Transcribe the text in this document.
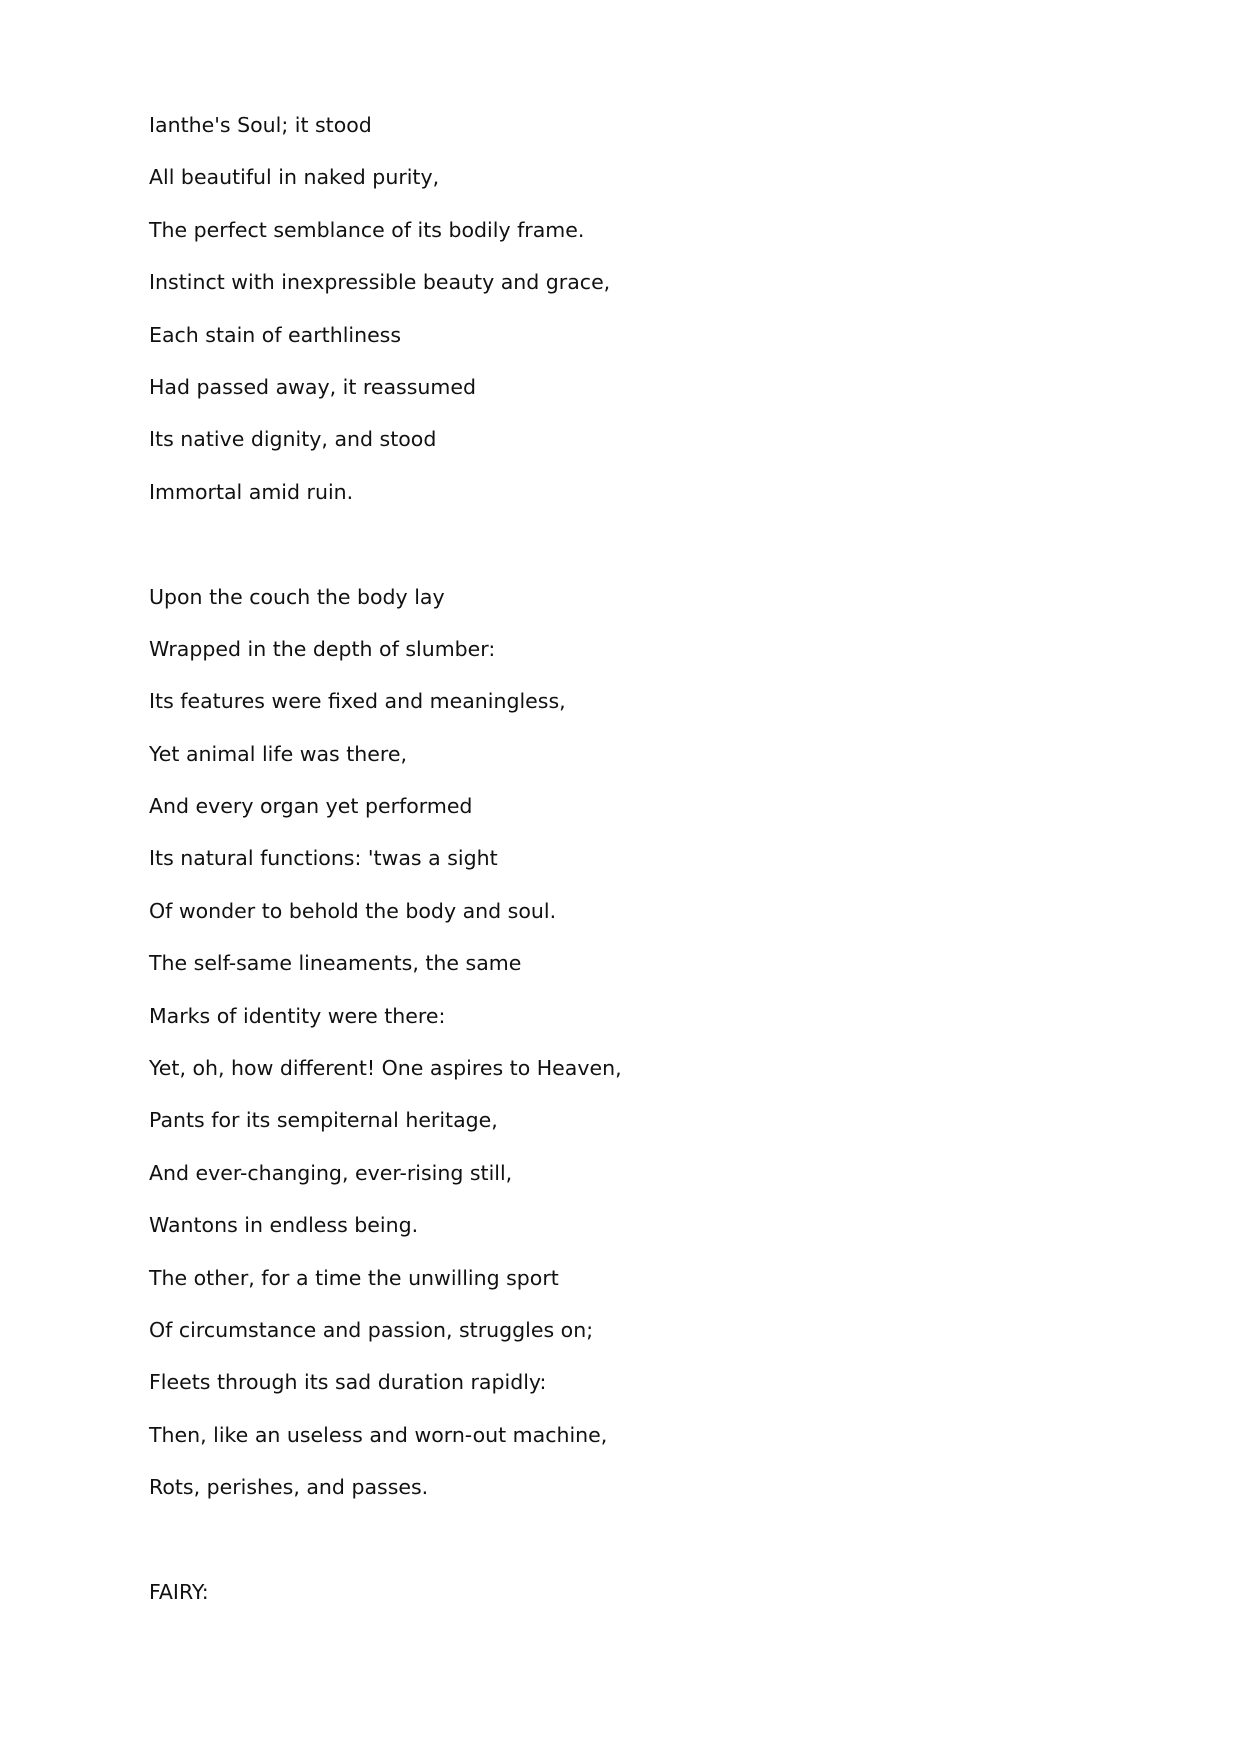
Ianthe's Soul; it stood
All beautiful in naked purity,
The perfect semblance of its bodily frame.
Instinct with inexpressible beauty and grace,
Each stain of earthliness
Had passed away, it reassumed
Its native dignity, and stood
Immortal amid ruin.
Upon the couch the body lay
Wrapped in the depth of slumber:
Its features were fixed and meaningless,
Yet animal life was there,
And every organ yet performed
Its natural functions: 'twas a sight
Of wonder to behold the body and soul.
The self-same lineaments, the same
Marks of identity were there:
Yet, oh, how different! One aspires to Heaven,
Pants for its sempiternal heritage,
And ever-changing, ever-rising still,
Wantons in endless being.
The other, for a time the unwilling sport
Of circumstance and passion, struggles on;
Fleets through its sad duration rapidly:
Then, like an useless and worn-out machine,
Rots, perishes, and passes.
FAIRY:
